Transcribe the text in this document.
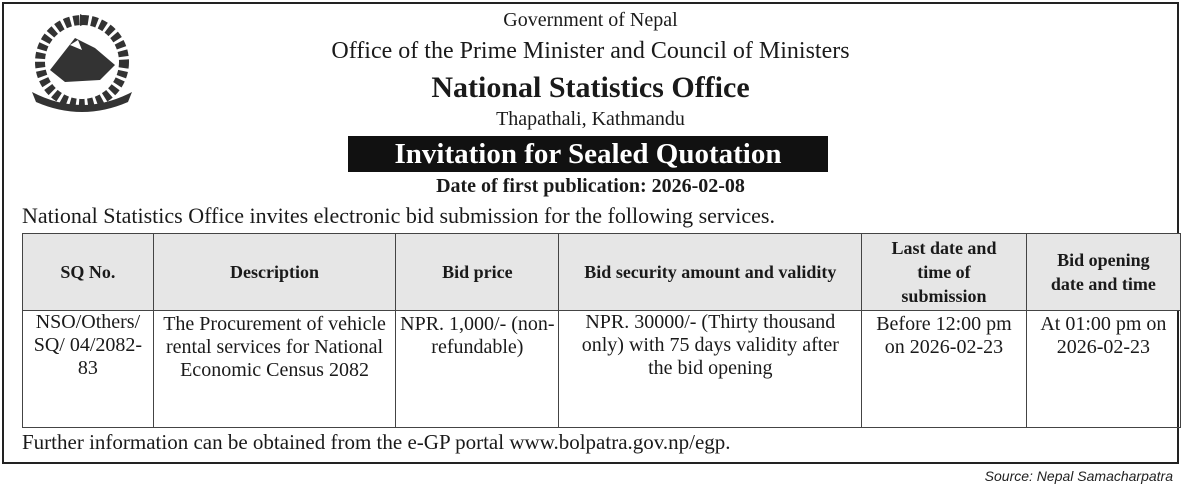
Government of Nepal
Office of the Prime Minister and Council of Ministers
National Statistics Office
Thapathali, Kathmandu
Invitation for Sealed Quotation
Date of first publication: 2026-02-08
National Statistics Office invites electronic bid submission for the following services.
SQ No.	Description	Bid price	Bid security amount and validity	Last date and time of submission	Bid opening date and time
NSO/Others/ SQ/ 04/2082-83	The Procurement of vehicle rental services for National Economic Census 2082	NPR. 1,000/- (non-refundable)	NPR. 30000/- (Thirty thousand only) with 75 days validity after the bid opening	Before 12:00 pm on 2026-02-23	At 01:00 pm on 2026-02-23
Further information can be obtained from the e-GP portal www.bolpatra.gov.np/egp.
Source: Nepal Samacharpatra
